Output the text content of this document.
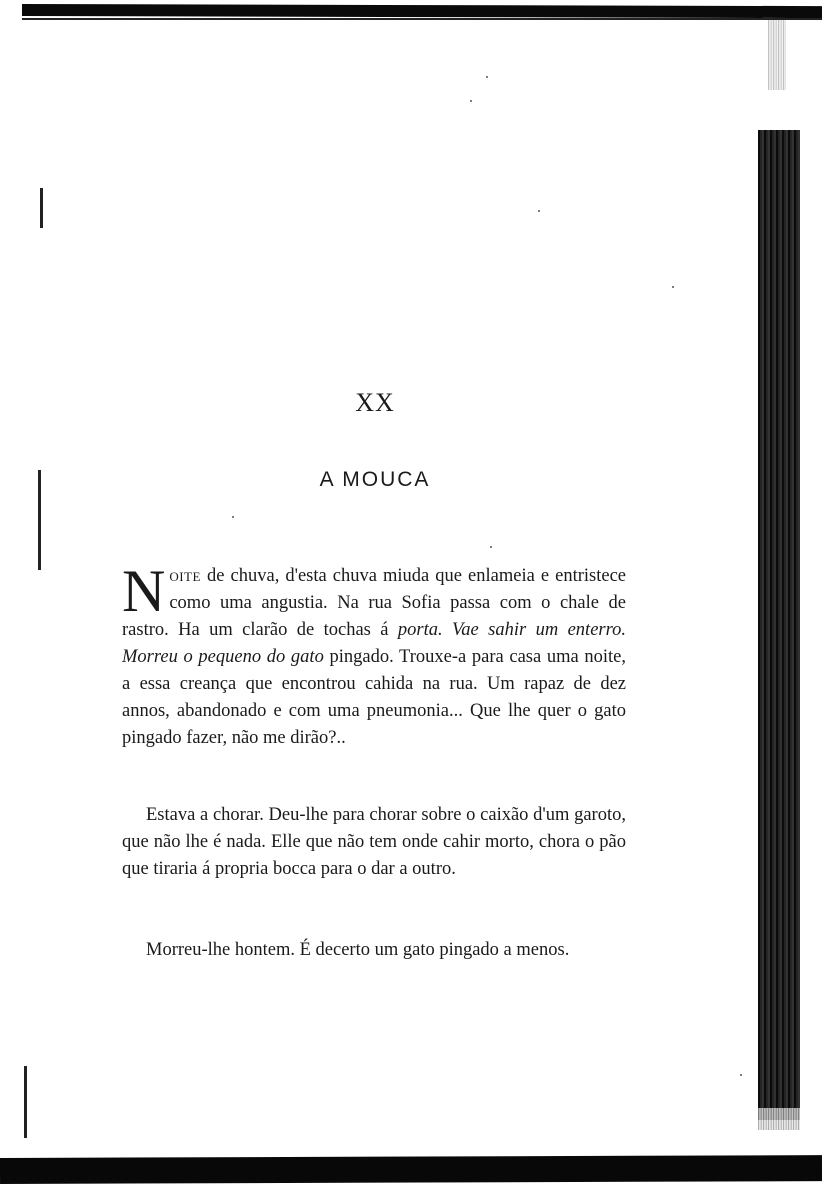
XX
A MOUCA

Noite de chuva, d'esta chuva miuda que enlameia e entristece como uma angustia. Na rua Sofia passa com o chale de rastro. Ha um clarão de tochas á porta. Vae sahir um enterro. Morreu o pequeno do gato pingado. Trouxe-a para casa uma noite, a essa creança que encontrou cahida na rua. Um rapaz de dez annos, abandonado e com uma pneumonia... Que lhe quer o gato pingado fazer, não me dirão?..

Estava a chorar. Deu-lhe para chorar sobre o caixão d'um garoto, que não lhe é nada. Elle que não tem onde cahir morto, chora o pão que tiraria á propria bocca para o dar a outro.

Morreu-lhe hontem. É decerto um gato pingado a menos.
